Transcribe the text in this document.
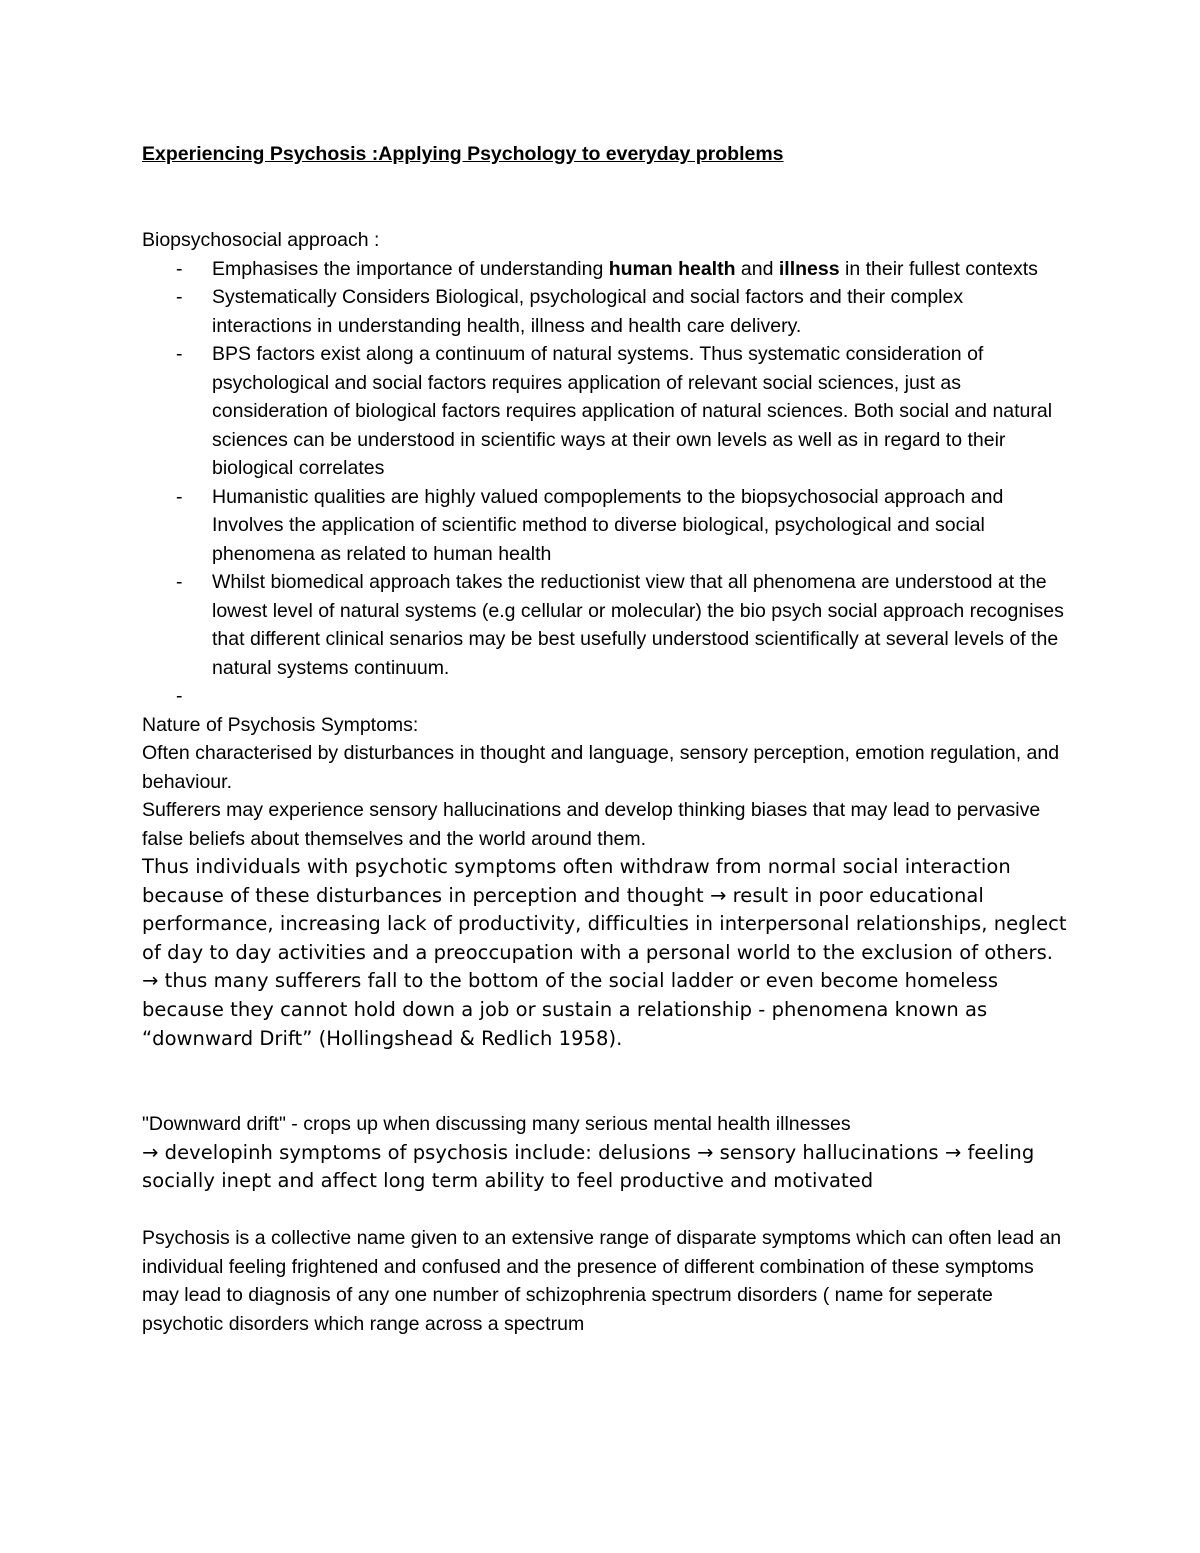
Experiencing Psychosis :Applying Psychology to everyday problems

Biopsychosocial approach :

- Emphasises the importance of understanding human health and illness in their fullest contexts
- Systematically Considers Biological, psychological and social factors and their complex interactions in understanding health, illness and health care delivery.
- BPS factors exist along a continuum of natural systems. Thus systematic consideration of psychological and social factors requires application of relevant social sciences, just as consideration of biological factors requires application of natural sciences. Both social and natural sciences can be understood in scientific ways at their own levels as well as in regard to their biological correlates
- Humanistic qualities are highly valued compoplements to the biopsychosocial approach and Involves the application of scientific method to diverse biological, psychological and social phenomena as related to human health
- Whilst biomedical approach takes the reductionist view that all phenomena are understood at the lowest level of natural systems (e.g cellular or molecular) the bio psych social approach recognises that different clinical senarios may be best usefully understood scientifically at several levels of the natural systems continuum.
-

Nature of Psychosis Symptoms:

Often characterised by disturbances in thought and language, sensory perception, emotion regulation, and behaviour.

Sufferers may experience sensory hallucinations and develop thinking biases that may lead to pervasive false beliefs about themselves and the world around them.

Thus individuals with psychotic symptoms often withdraw from normal social interaction because of these disturbances in perception and thought → result in poor educational performance, increasing lack of productivity, difficulties in interpersonal relationships, neglect of day to day activities and a preoccupation with a personal world to the exclusion of others.

→ thus many sufferers fall to the bottom of the social ladder or even become homeless because they cannot hold down a job or sustain a relationship - phenomena known as “downward Drift” (Hollingshead & Redlich 1958).

"Downward drift" - crops up when discussing many serious mental health illnesses

→ developinh symptoms of psychosis include: delusions → sensory hallucinations → feeling socially inept and affect long term ability to feel productive and motivated

Psychosis is a collective name given to an extensive range of disparate symptoms which can often lead an individual feeling frightened and confused and the presence of different combination of these symptoms may lead to diagnosis of any one number of schizophrenia spectrum disorders ( name for seperate psychotic disorders which range across a spectrum
